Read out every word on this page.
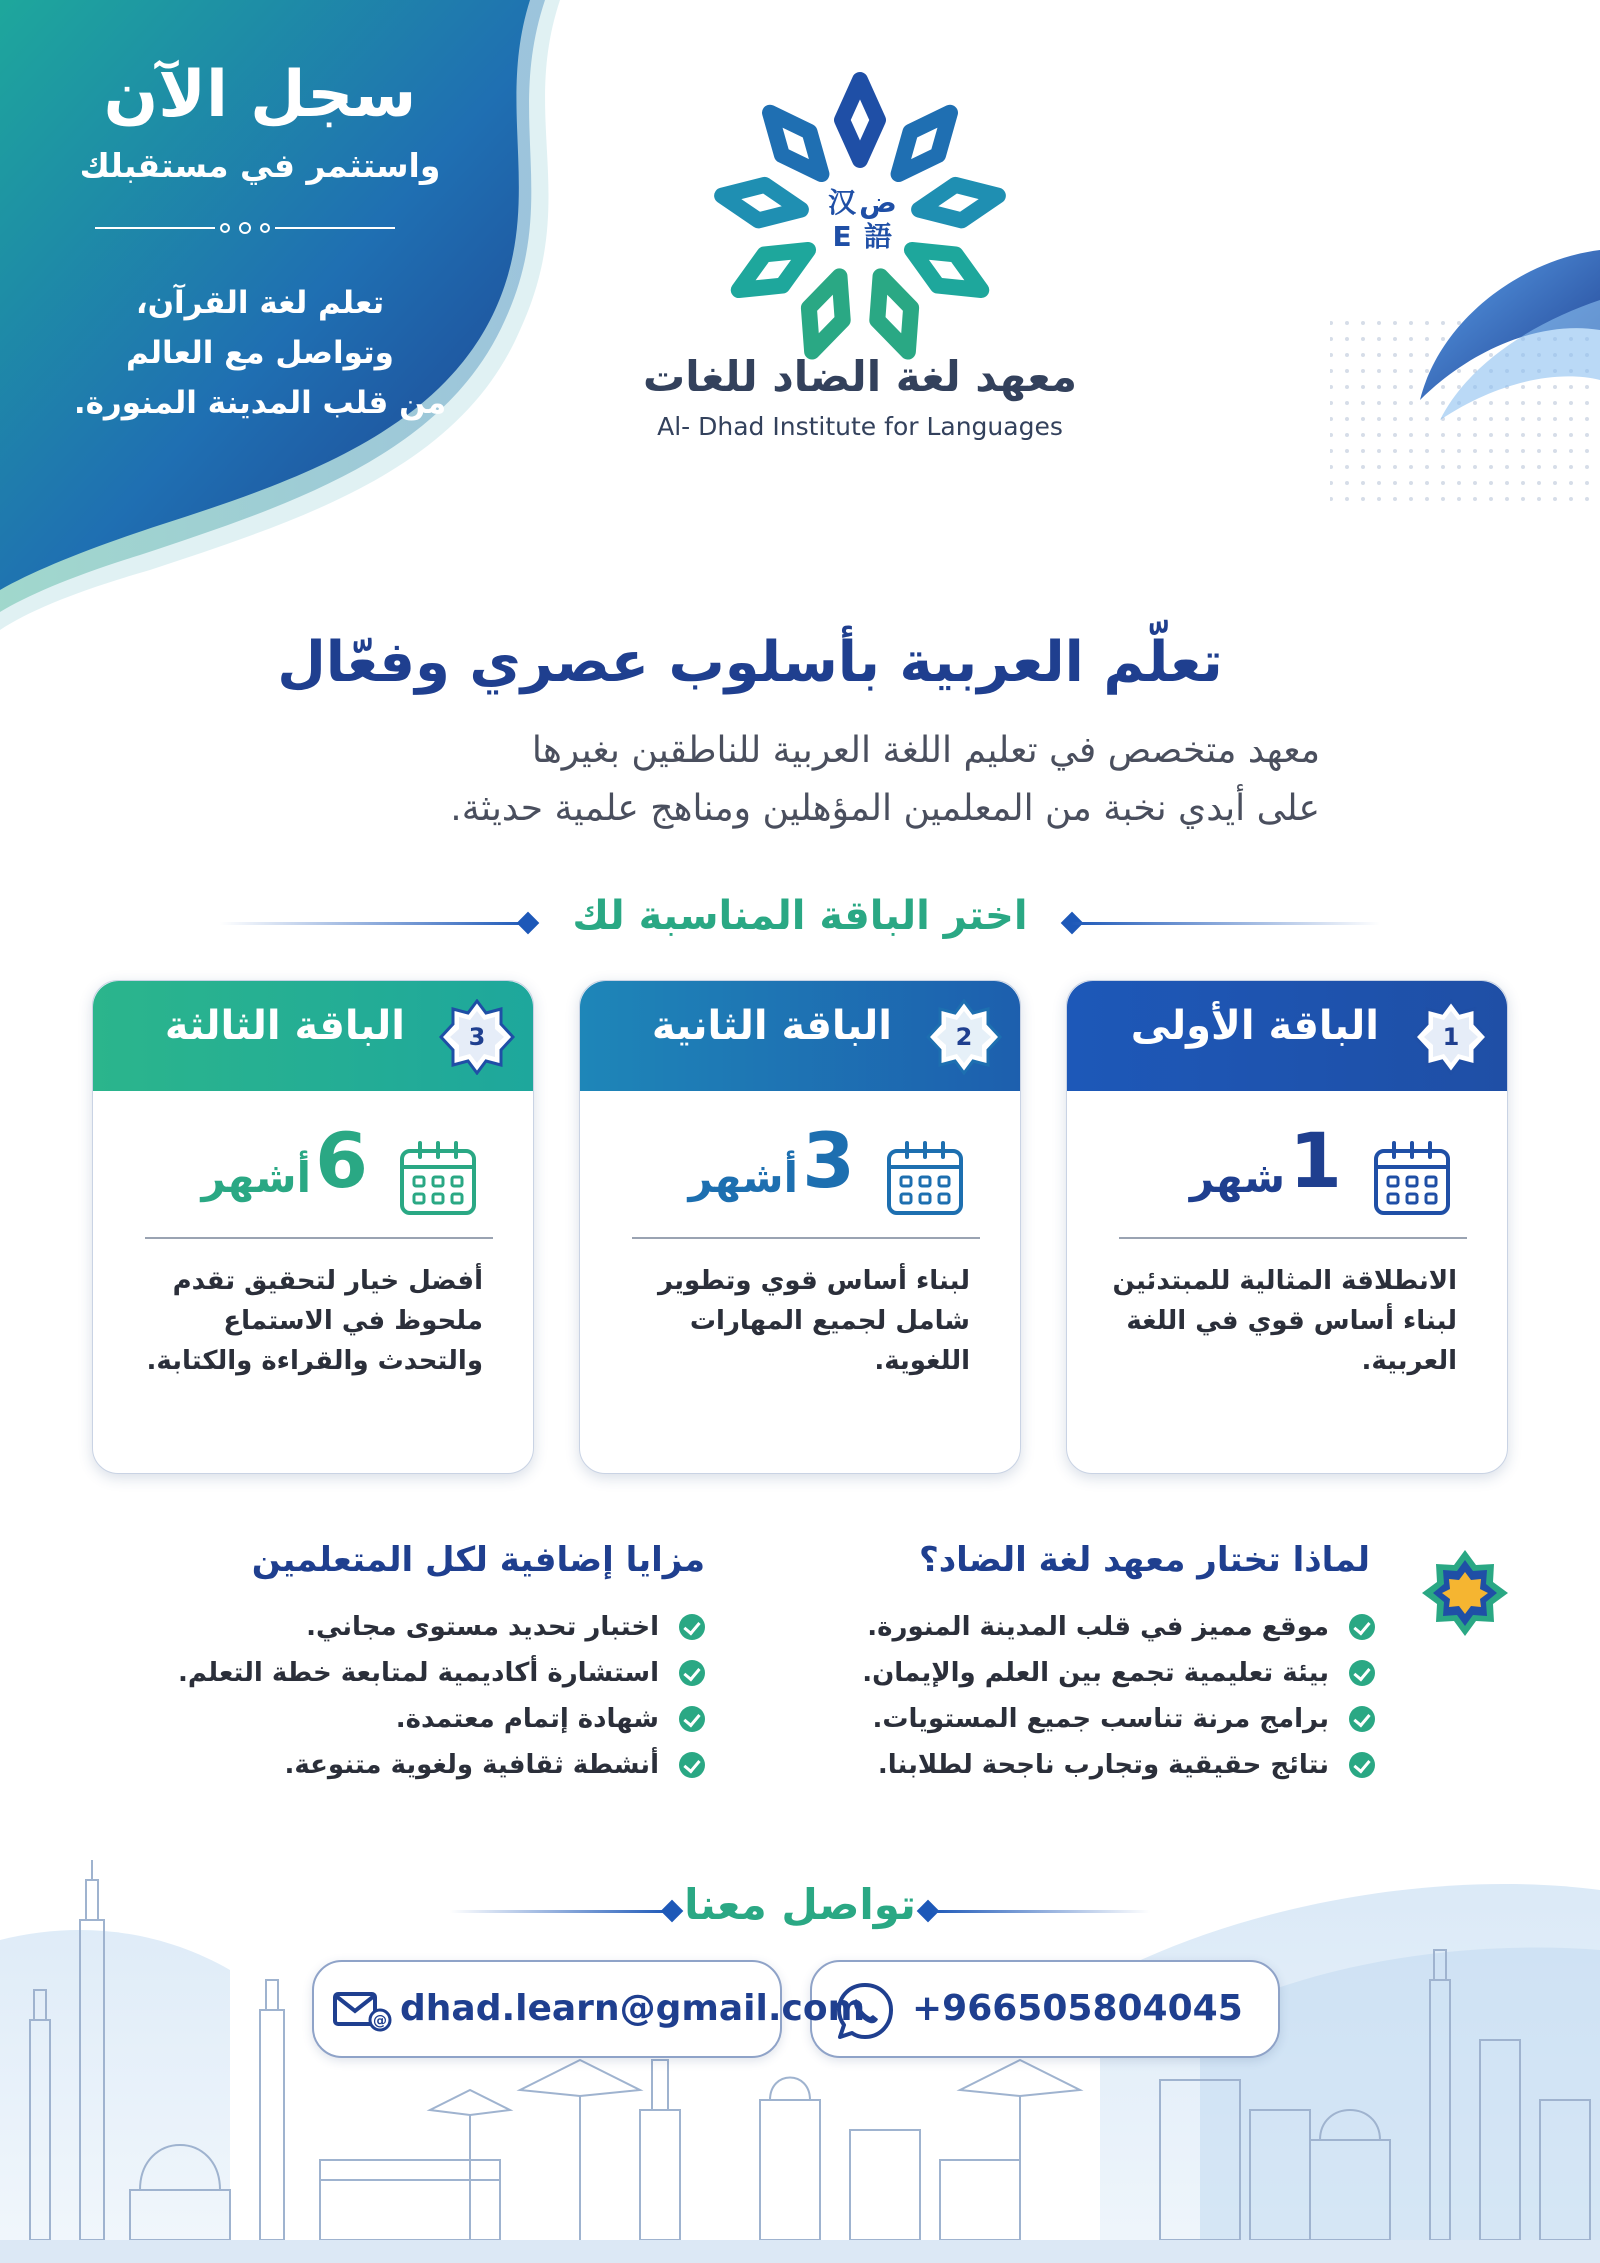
سجل الآن
واستثمر في مستقبلك
تعلم لغة القرآن،
وتواصل مع العالم
من قلب المدينة المنورة.
汉 ض
E 語
معهد لغة الضاد للغات
Al- Dhad Institute for Languages
تعلّم العربية بأسلوب عصري وفعّال
معهد متخصص في تعليم اللغة العربية للناطقين بغيرها
على أيدي نخبة من المعلمين المؤهلين ومناهج علمية حديثة.
اختر الباقة المناسبة لك
1
الباقة الأولى
1
شهر
الانطلاقة المثالية للمبتدئين لبناء أساس قوي في اللغة العربية.
2
الباقة الثانية
3
أشهر
لبناء أساس قوي وتطوير شامل لجميع المهارات اللغوية.
3
الباقة الثالثة
6
أشهر
أفضل خيار لتحقيق تقدم ملحوظ في الاستماع والتحدث والقراءة والكتابة.
لماذا تختار معهد لغة الضاد؟
موقع مميز في قلب المدينة المنورة.
بيئة تعليمية تجمع بين العلم والإيمان.
برامج مرنة تناسب جميع المستويات.
نتائج حقيقية وتجارب ناجحة لطلابنا.
مزايا إضافية لكل المتعلمين
اختبار تحديد مستوى مجاني.
استشارة أكاديمية لمتابعة خطة التعلم.
شهادة إتمام معتمدة.
أنشطة ثقافية ولغوية متنوعة.
تواصل معنا
+966505804045
@ dhad.learn@gmail.com
